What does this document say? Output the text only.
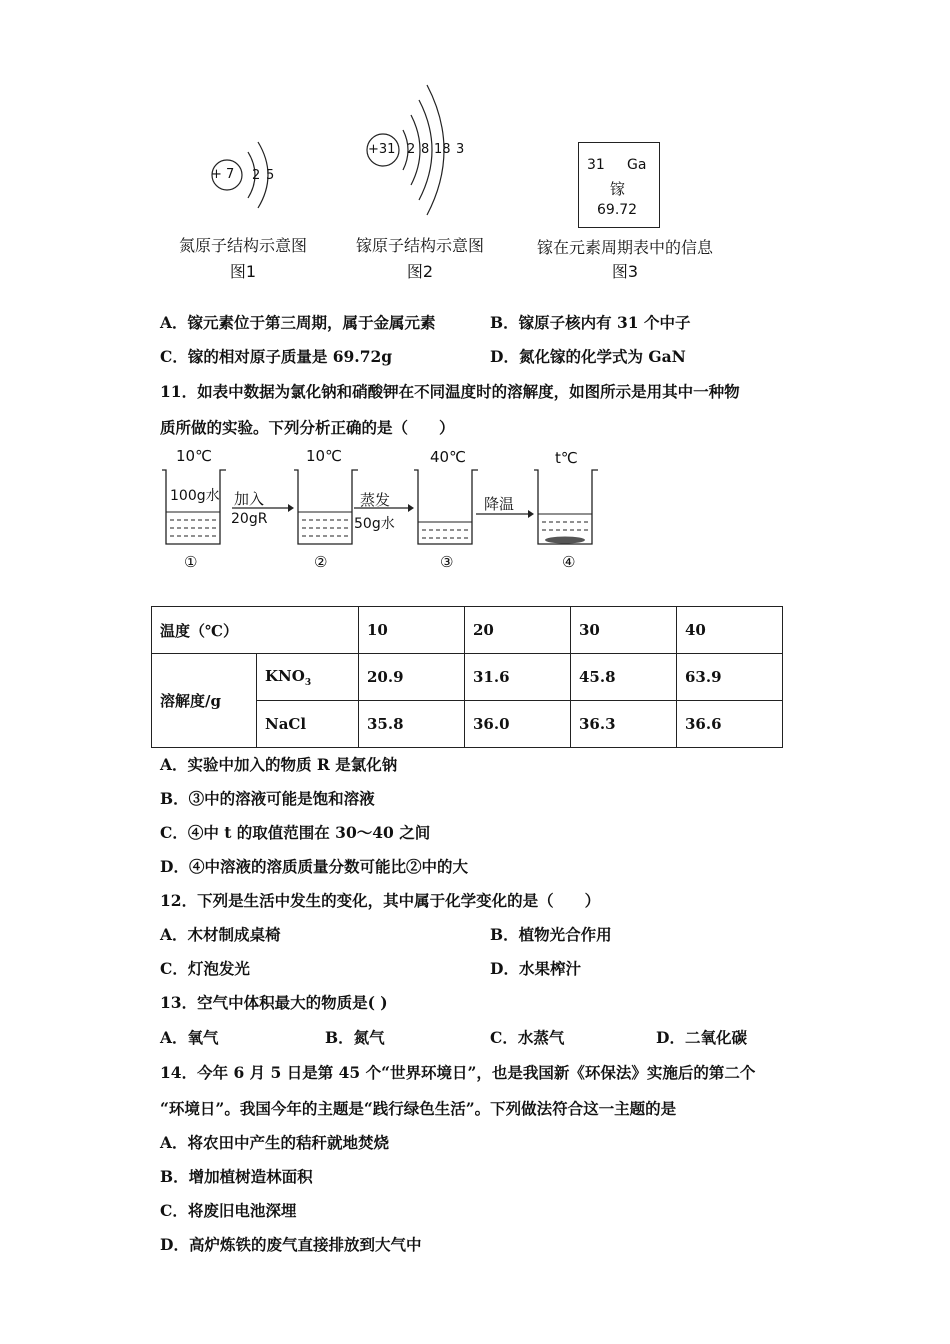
+ 7 2 5
氮原子结构示意图
图1
+31 2 8 18 3
镓原子结构示意图
图2
31 Ga
镓
69.72
镓在元素周期表中的信息
图3
A．镓元素位于第三周期，属于金属元素	B．镓原子核内有 31 个中子
C．镓的相对原子质量是 69.72g	D．氮化镓的化学式为 GaN
11．如表中数据为氯化钠和硝酸钾在不同温度时的溶解度，如图所示是用其中一种物
质所做的实验。下列分析正确的是（　　）
10℃	10℃	40℃	t℃
100g水 加入
20gR
蒸发
50g水
降温
①	②	③	④
温度（℃）		10	20	30	40
溶解度/g	$KNO_3$	20.9	31.6	45.8	63.9
	NaCl	35.8	36.0	36.3	36.6
A．实验中加入的物质 R 是氯化钠
B．③中的溶液可能是饱和溶液
C．④中 t 的取值范围在 30～40 之间
D．④中溶液的溶质质量分数可能比②中的大
12．下列是生活中发生的变化，其中属于化学变化的是（　　）
A．木材制成桌椅	B．植物光合作用
C．灯泡发光	D．水果榨汁
13．空气中体积最大的物质是( )
A．氧气	B．氮气	C．水蒸气	D．二氧化碳
14．今年 6 月 5 日是第 45 个“世界环境日”，也是我国新《环保法》实施后的第二个
“环境日”。我国今年的主题是“践行绿色生活”。下列做法符合这一主题的是
A．将农田中产生的秸秆就地焚烧
B．增加植树造林面积
C．将废旧电池深埋
D．高炉炼铁的废气直接排放到大气中
